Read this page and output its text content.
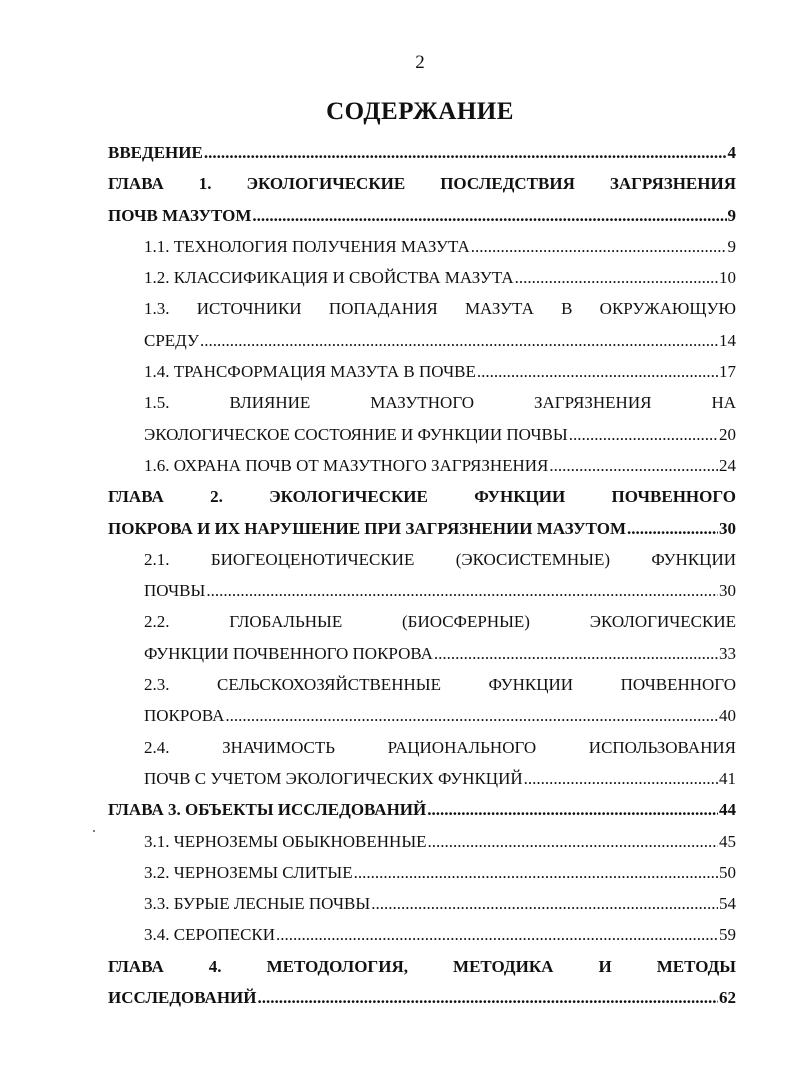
2
СОДЕРЖАНИЕ
ВВЕДЕНИЕ .....	4
ГЛАВА 1. ЭКОЛОГИЧЕСКИЕ ПОСЛЕДСТВИЯ ЗАГРЯЗНЕНИЯ
ПОЧВ МАЗУТОМ .....	9
1.1. ТЕХНОЛОГИЯ ПОЛУЧЕНИЯ МАЗУТА .....	9
1.2. КЛАССИФИКАЦИЯ И СВОЙСТВА МАЗУТА .....	10
1.3. ИСТОЧНИКИ ПОПАДАНИЯ МАЗУТА В ОКРУЖАЮЩУЮ
СРЕДУ .....	14
1.4. ТРАНСФОРМАЦИЯ МАЗУТА В ПОЧВЕ .....	17
1.5. ВЛИЯНИЕ МАЗУТНОГО ЗАГРЯЗНЕНИЯ НА
ЭКОЛОГИЧЕСКОЕ СОСТОЯНИЕ И ФУНКЦИИ ПОЧВЫ .....	20
1.6. ОХРАНА ПОЧВ ОТ МАЗУТНОГО ЗАГРЯЗНЕНИЯ .....	24
ГЛАВА 2. ЭКОЛОГИЧЕСКИЕ ФУНКЦИИ ПОЧВЕННОГО
ПОКРОВА И ИХ НАРУШЕНИЕ ПРИ ЗАГРЯЗНЕНИИ МАЗУТОМ .....	30
2.1. БИОГЕОЦЕНОТИЧЕСКИЕ (ЭКОСИСТЕМНЫЕ) ФУНКЦИИ
ПОЧВЫ .....	30
2.2. ГЛОБАЛЬНЫЕ (БИОСФЕРНЫЕ) ЭКОЛОГИЧЕСКИЕ
ФУНКЦИИ ПОЧВЕННОГО ПОКРОВА .....	33
2.3. СЕЛЬСКОХОЗЯЙСТВЕННЫЕ ФУНКЦИИ ПОЧВЕННОГО
ПОКРОВА .....	40
2.4. ЗНАЧИМОСТЬ РАЦИОНАЛЬНОГО ИСПОЛЬЗОВАНИЯ
ПОЧВ С УЧЕТОМ ЭКОЛОГИЧЕСКИХ ФУНКЦИЙ .....	41
ГЛАВА 3. ОБЪЕКТЫ ИССЛЕДОВАНИЙ .....	44
3.1. ЧЕРНОЗЕМЫ ОБЫКНОВЕННЫЕ .....	45
3.2. ЧЕРНОЗЕМЫ СЛИТЫЕ .....	50
3.3. БУРЫЕ ЛЕСНЫЕ ПОЧВЫ .....	54
3.4. СЕРОПЕСКИ .....	59
ГЛАВА 4. МЕТОДОЛОГИЯ, МЕТОДИКА И МЕТОДЫ
ИССЛЕДОВАНИЙ .....	62
